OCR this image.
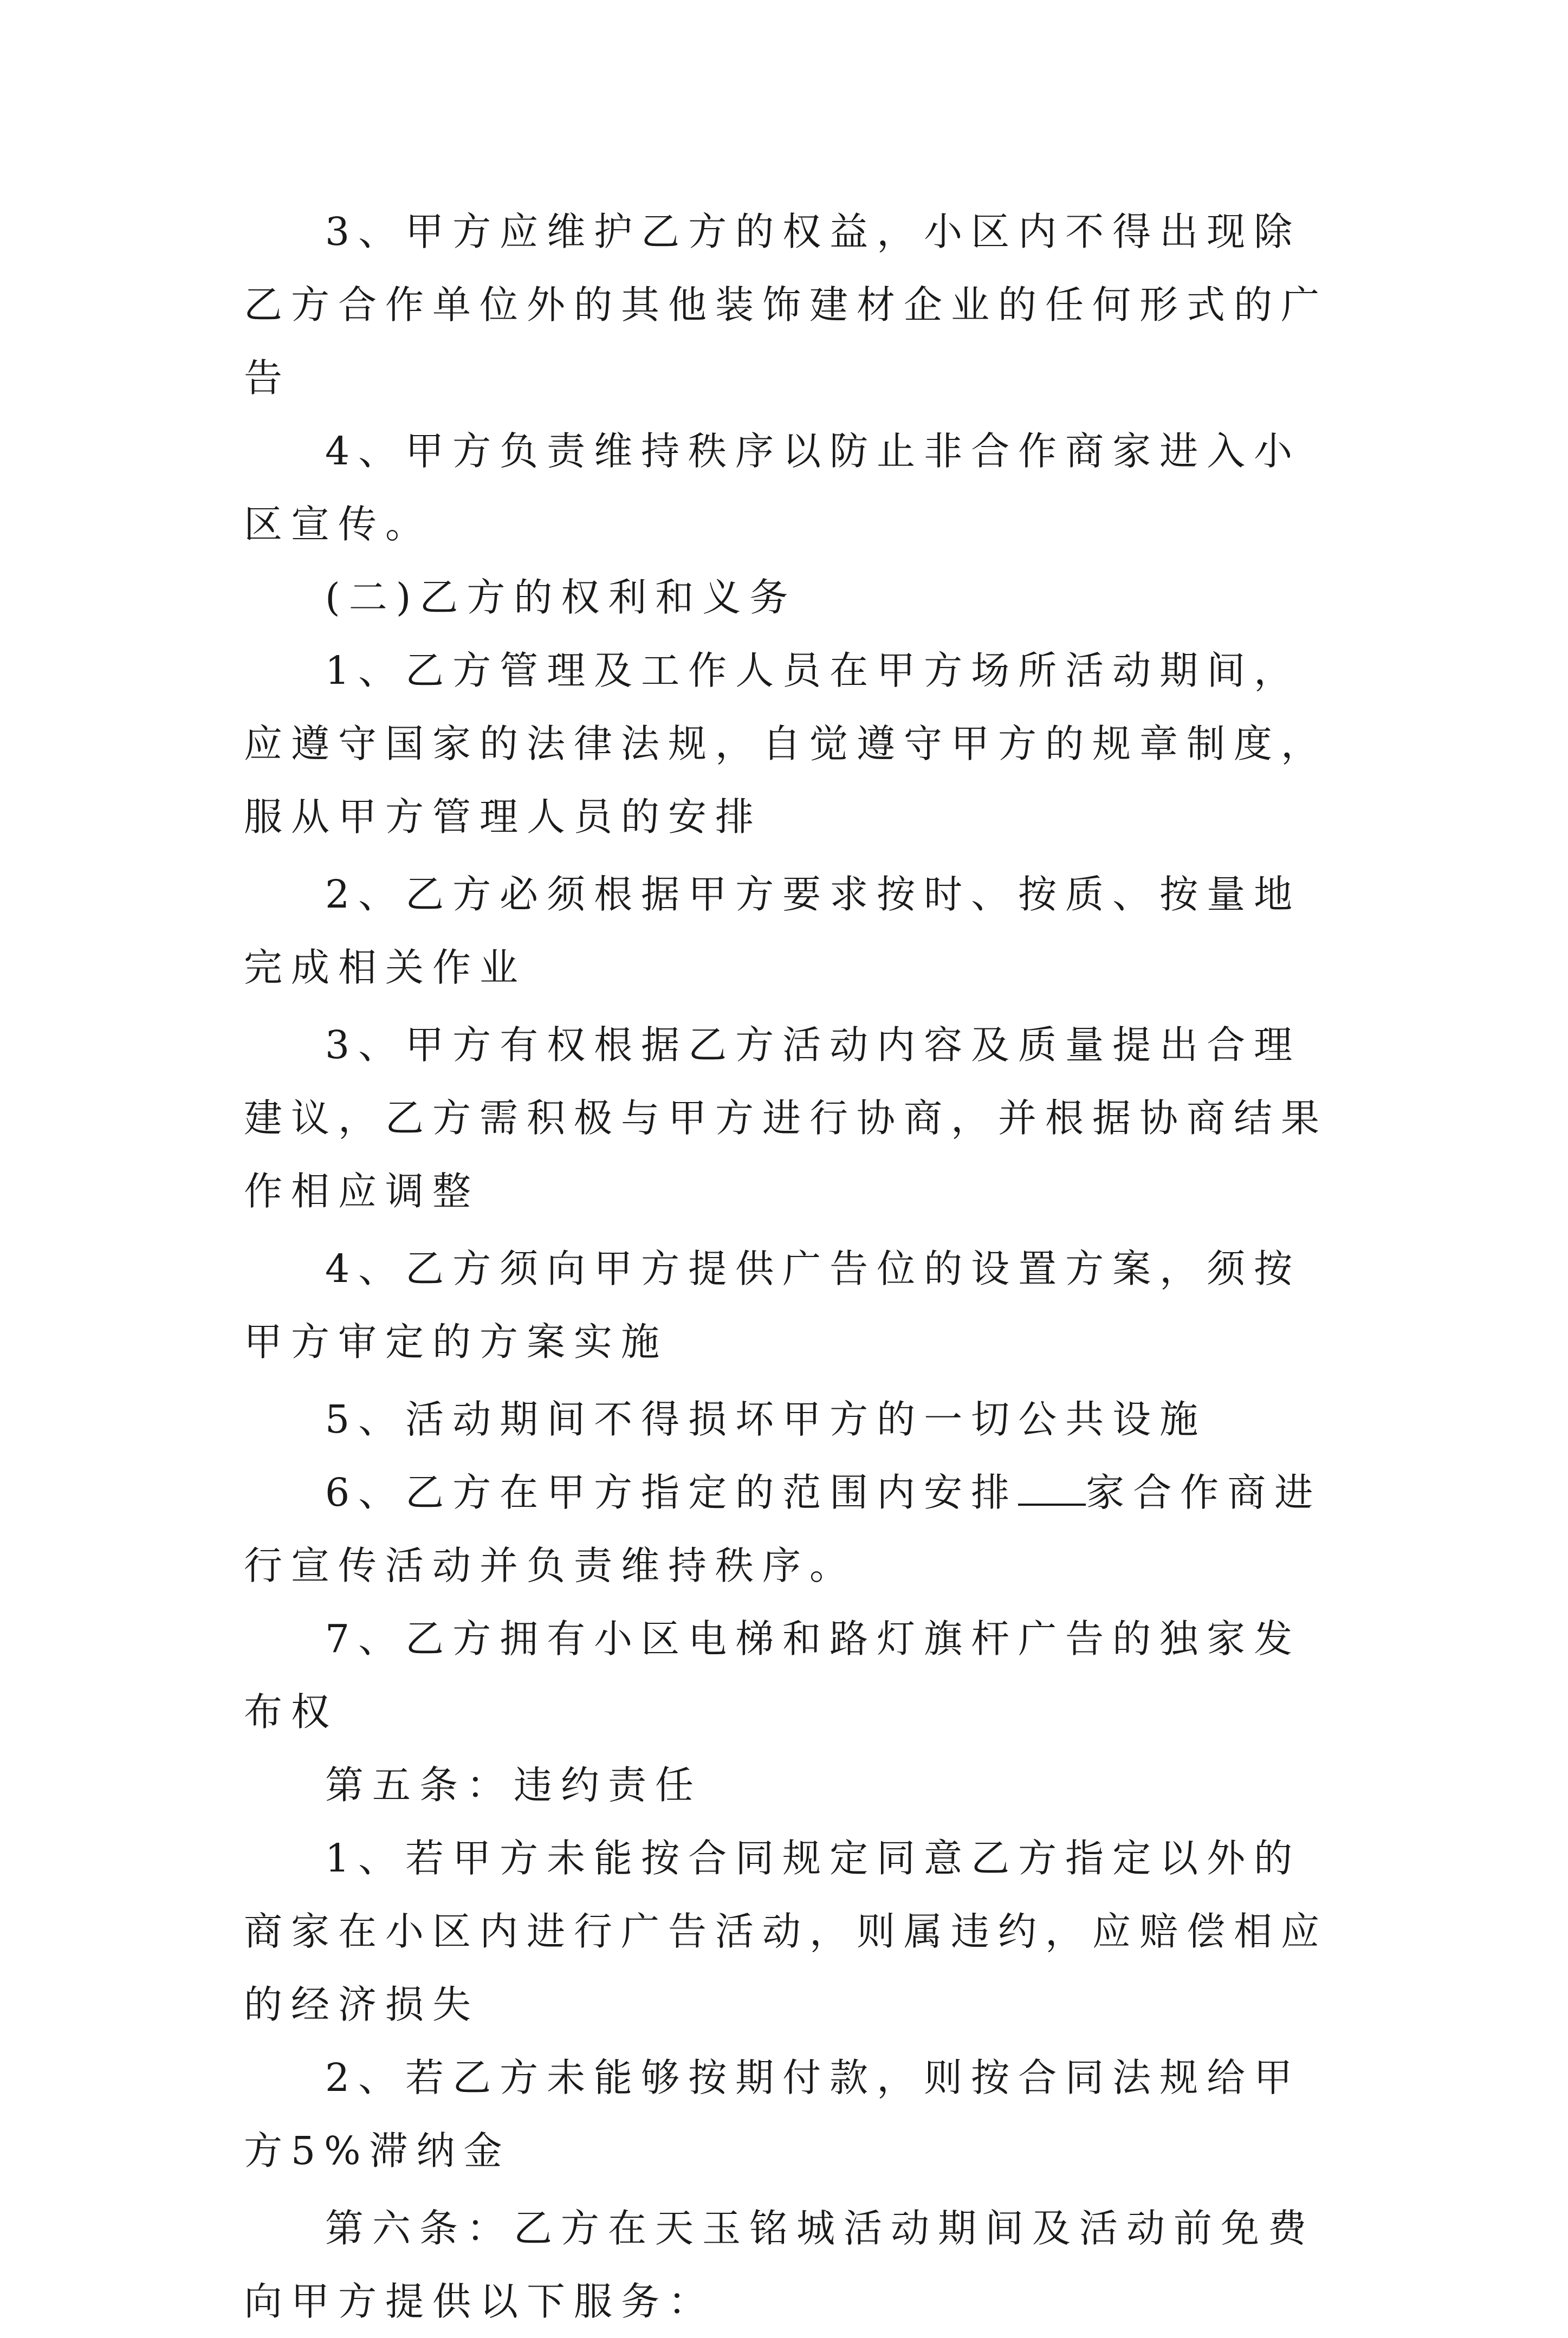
3、甲方应维护乙方的权益，小区内不得出现除乙方合作单位外的其他装饰建材企业的任何形式的广告

4、甲方负责维持秩序以防止非合作商家进入小区宣传。

(二)乙方的权利和义务

1、乙方管理及工作人员在甲方场所活动期间，应遵守国家的法律法规，自觉遵守甲方的规章制度，服从甲方管理人员的安排

2、乙方必须根据甲方要求按时、按质、按量地完成相关作业

3、甲方有权根据乙方活动内容及质量提出合理建议，乙方需积极与甲方进行协商，并根据协商结果作相应调整

4、乙方须向甲方提供广告位的设置方案，须按甲方审定的方案实施

5、活动期间不得损坏甲方的一切公共设施

6、乙方在甲方指定的范围内安排 家合作商进行宣传活动并负责维持秩序。

7、乙方拥有小区电梯和路灯旗杆广告的独家发布权

第五条：违约责任

1、若甲方未能按合同规定同意乙方指定以外的商家在小区内进行广告活动，则属违约，应赔偿相应的经济损失

2、若乙方未能够按期付款，则按合同法规给甲方5%滞纳金

第六条：乙方在天玉铭城活动期间及活动前免费向甲方提供以下服务：
